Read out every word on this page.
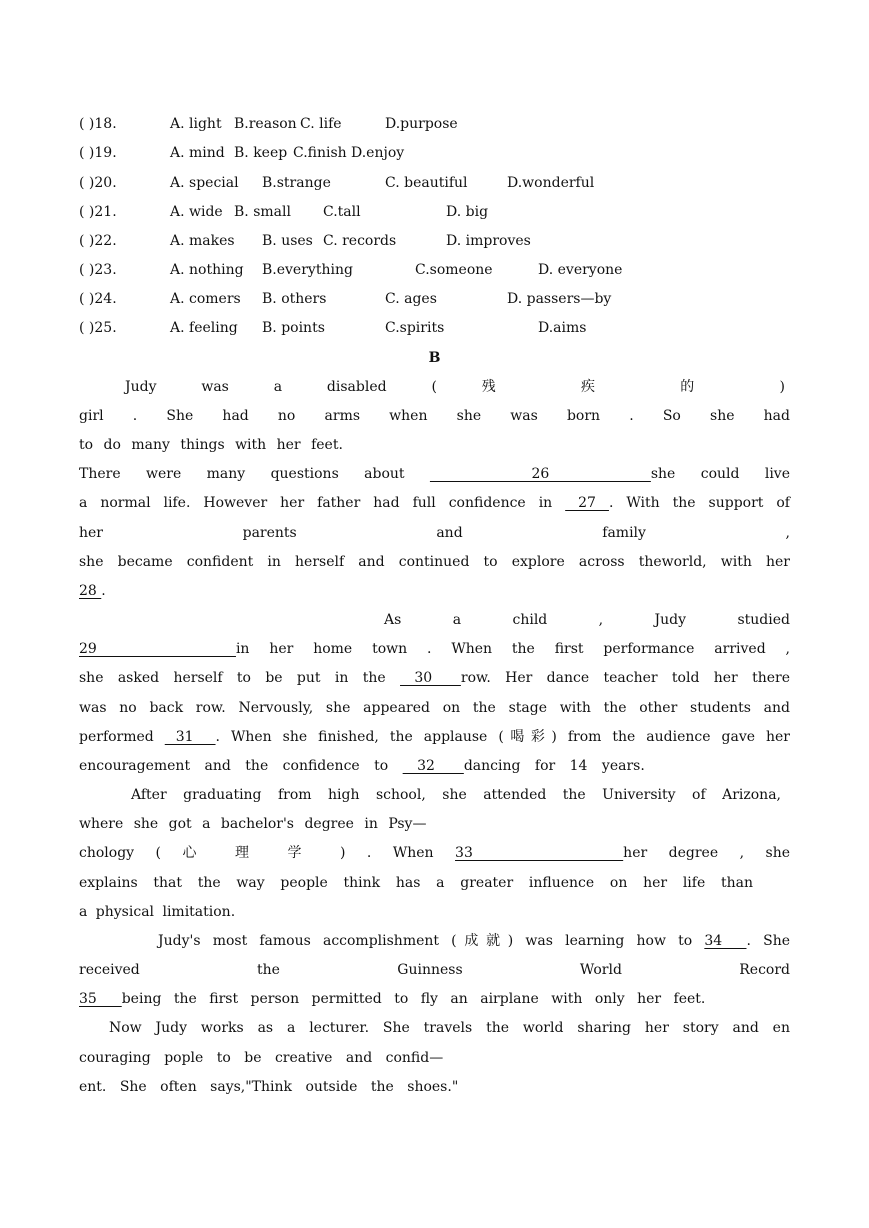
( )18.	A. light B.reason C. life	D.purpose
( )19.	A. mind B. keep C.finish D.enjoy
( )20.	A. special B.strange	C. beautiful	D.wonderful
( )21.	A. wide B. small C.tall	D. big
( )22.	A. makes B. uses C. records	D. improves
( )23.	A. nothing B.everything	C.someone	D. everyone
( )24.	A. comers B. others	C. ages	D. passers—by
( )25.	A. feeling B. points	C.spirits	D.aims
B
Judy was a disabled ( 残 疾 的 )
girl . She had no arms when she was born . So she had
to do many things with her feet.
There were many questions about     26    she could live
a normal life. However her father had full confidence in  27 . With the support of
her parents and family ,
she became confident in herself and continued to explore across theworld, with her
28 .
As a child , Judy studied
29       in her home town . When the first performance arrived ,
she asked herself to be put in the  30  row. Her dance teacher told her there
was no back row. Nervously, she appeared on the stage with the other students and
performed  31  . When she finished, the applause (喝彩) from the audience gave her
encouragement and the confidence to  32  dancing for 14 years.
After graduating from high school, she attended the University of Arizona,
where she got a bachelor's degree in Psy—
chology ( 心 理 学 ) . When 33       her degree , she
explains that the way people think has a greater influence on her life than
a physical limitation.
Judy's most famous accomplishment (成就) was learning how to 34  . She
received the Guinness World Record
35  being the first person permitted to fly an airplane with only her feet.
Now Judy works as a lecturer. She travels the world sharing her story and en
couraging pople to be creative and confid—
ent. She often says,"Think outside the shoes."
